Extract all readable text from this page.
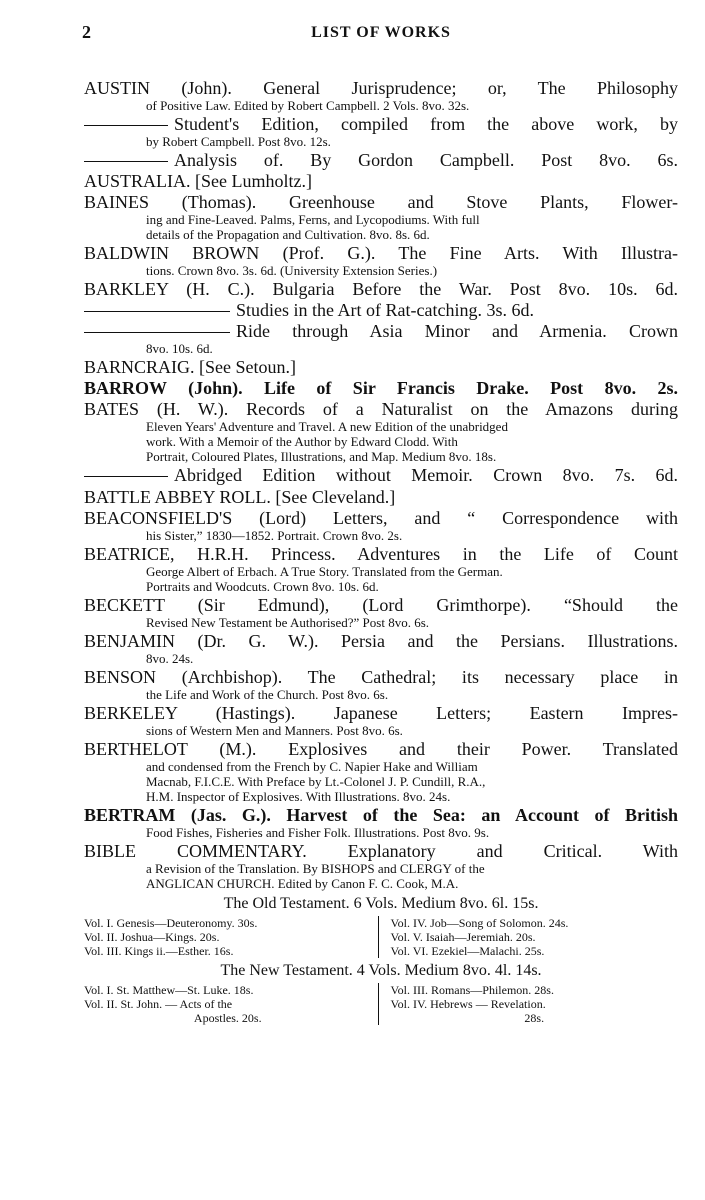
2	LIST OF WORKS
AUSTIN (John). General Jurisprudence; or, The Philosophy
of Positive Law. Edited by Robert Campbell. 2 Vols. 8vo. 32s.
Student's Edition, compiled from the above work, by
by Robert Campbell. Post 8vo. 12s.
Analysis of. By Gordon Campbell. Post 8vo. 6s.
AUSTRALIA. [See Lumholtz.]
BAINES (Thomas). Greenhouse and Stove Plants, Flower-
ing and Fine-Leaved. Palms, Ferns, and Lycopodiums. With full
details of the Propagation and Cultivation. 8vo. 8s. 6d.
BALDWIN BROWN (Prof. G.). The Fine Arts. With Illustra-
tions. Crown 8vo. 3s. 6d. (University Extension Series.)
BARKLEY (H. C.). Bulgaria Before the War. Post 8vo. 10s. 6d.
Studies in the Art of Rat-catching. 3s. 6d.
Ride through Asia Minor and Armenia. Crown
8vo. 10s. 6d.
BARNCRAIG. [See Setoun.]
BARROW (John). Life of Sir Francis Drake. Post 8vo. 2s.
BATES (H. W.). Records of a Naturalist on the Amazons during
Eleven Years' Adventure and Travel. A new Edition of the unabridged
work. With a Memoir of the Author by Edward Clodd. With
Portrait, Coloured Plates, Illustrations, and Map. Medium 8vo. 18s.
Abridged Edition without Memoir. Crown 8vo. 7s. 6d.
BATTLE ABBEY ROLL. [See Cleveland.]
BEACONSFIELD'S (Lord) Letters, and “ Correspondence with
his Sister,” 1830—1852. Portrait. Crown 8vo. 2s.
BEATRICE, H.R.H. Princess. Adventures in the Life of Count
George Albert of Erbach. A True Story. Translated from the German.
Portraits and Woodcuts. Crown 8vo. 10s. 6d.
BECKETT (Sir Edmund), (Lord Grimthorpe). “Should the
Revised New Testament be Authorised?” Post 8vo. 6s.
BENJAMIN (Dr. G. W.). Persia and the Persians. Illustrations.
8vo. 24s.
BENSON (Archbishop). The Cathedral; its necessary place in
the Life and Work of the Church. Post 8vo. 6s.
BERKELEY (Hastings). Japanese Letters; Eastern Impres-
sions of Western Men and Manners. Post 8vo. 6s.
BERTHELOT (M.). Explosives and their Power. Translated
and condensed from the French by C. Napier Hake and William
Macnab, F.I.C.E. With Preface by Lt.-Colonel J. P. Cundill, R.A.,
H.M. Inspector of Explosives. With Illustrations. 8vo. 24s.
BERTRAM (Jas. G.). Harvest of the Sea: an Account of British
Food Fishes, Fisheries and Fisher Folk. Illustrations. Post 8vo. 9s.
BIBLE COMMENTARY. Explanatory and Critical. With
a Revision of the Translation. By BISHOPS and CLERGY of the
ANGLICAN CHURCH. Edited by Canon F. C. Cook, M.A.
The Old Testament. 6 Vols. Medium 8vo. 6l. 15s.
Vol. I. Genesis—Deuteronomy. 30s.
Vol. II. Joshua—Kings. 20s.
Vol. III. Kings ii.—Esther. 16s.
Vol. IV. Job—Song of Solomon. 24s.
Vol. V. Isaiah—Jeremiah. 20s.
Vol. VI. Ezekiel—Malachi. 25s.
The New Testament. 4 Vols. Medium 8vo. 4l. 14s.
Vol. I. St. Matthew—St. Luke. 18s.
Vol. II. St. John. — Acts of the
Apostles. 20s.
Vol. III. Romans—Philemon. 28s.
Vol. IV. Hebrews — Revelation.
28s.
